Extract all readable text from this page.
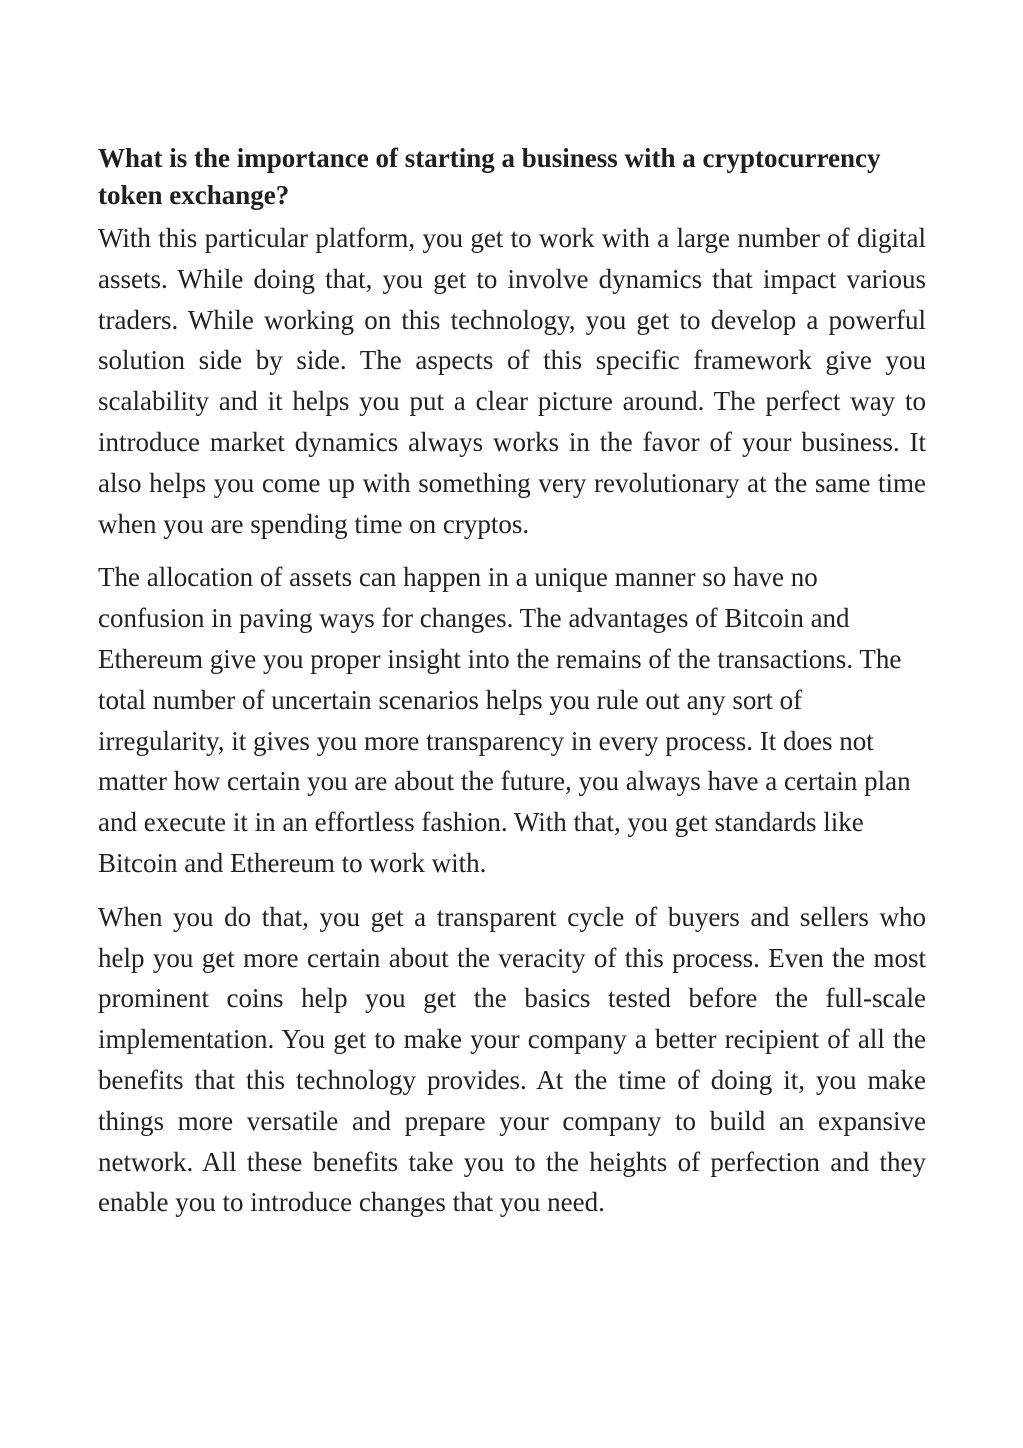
What is the importance of starting a business with a cryptocurrency token exchange?

With this particular platform, you get to work with a large number of digital assets. While doing that, you get to involve dynamics that impact various traders. While working on this technology, you get to develop a powerful solution side by side. The aspects of this specific framework give you scalability and it helps you put a clear picture around. The perfect way to introduce market dynamics always works in the favor of your business. It also helps you come up with something very revolutionary at the same time when you are spending time on cryptos.

The allocation of assets can happen in a unique manner so have no confusion in paving ways for changes. The advantages of Bitcoin and Ethereum give you proper insight into the remains of the transactions. The total number of uncertain scenarios helps you rule out any sort of irregularity, it gives you more transparency in every process. It does not matter how certain you are about the future, you always have a certain plan and execute it in an effortless fashion. With that, you get standards like Bitcoin and Ethereum to work with.

When you do that, you get a transparent cycle of buyers and sellers who help you get more certain about the veracity of this process. Even the most prominent coins help you get the basics tested before the full-scale implementation. You get to make your company a better recipient of all the benefits that this technology provides. At the time of doing it, you make things more versatile and prepare your company to build an expansive network. All these benefits take you to the heights of perfection and they enable you to introduce changes that you need.
